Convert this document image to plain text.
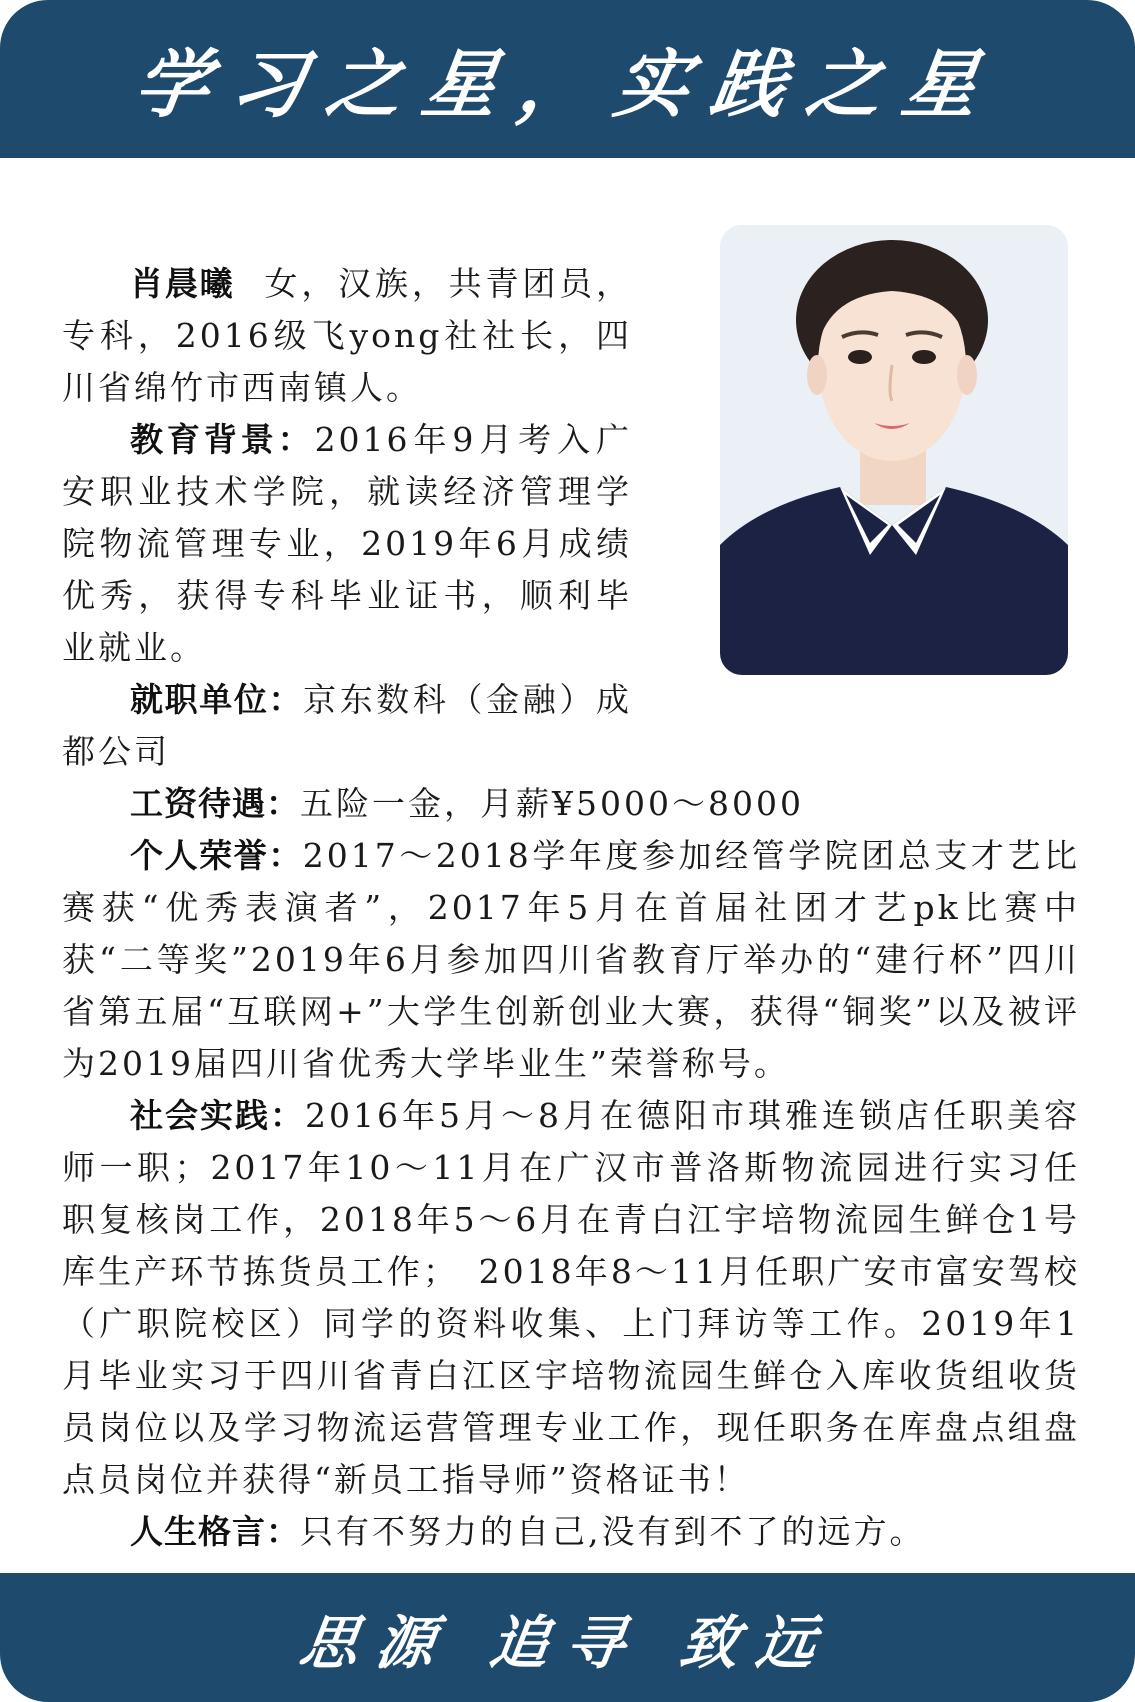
学习之星，实践之星

肖晨曦 女，汉族，共青团员，专科，2016级飞yong社社长，四川省绵竹市西南镇人。

教育背景：2016年9月考入广安职业技术学院，就读经济管理学院物流管理专业，2019年6月成绩优秀，获得专科毕业证书，顺利毕业就业。

就职单位：京东数科（金融）成都公司

工资待遇：五险一金，月薪¥5000～8000

个人荣誉：2017～2018学年度参加经管学院团总支才艺比赛获“优秀表演者”，2017年5月在首届社团才艺pk比赛中获“二等奖”2019年6月参加四川省教育厅举办的“建行杯”四川省第五届“互联网+”大学生创新创业大赛，获得“铜奖”以及被评为2019届四川省优秀大学毕业生”荣誉称号。

社会实践：2016年5月～8月在德阳市琪雅连锁店任职美容师一职；2017年10～11月在广汉市普洛斯物流园进行实习任职复核岗工作，2018年5～6月在青白江宇培物流园生鲜仓1号库生产环节拣货员工作；　2018年8～11月任职广安市富安驾校（广职院校区）同学的资料收集、上门拜访等工作。2019年1月毕业实习于四川省青白江区宇培物流园生鲜仓入库收货组收货员岗位以及学习物流运营管理专业工作，现任职务在库盘点组盘点员岗位并获得“新员工指导师”资格证书！

人生格言：只有不努力的自己,没有到不了的远方。

思源 追寻 致远
